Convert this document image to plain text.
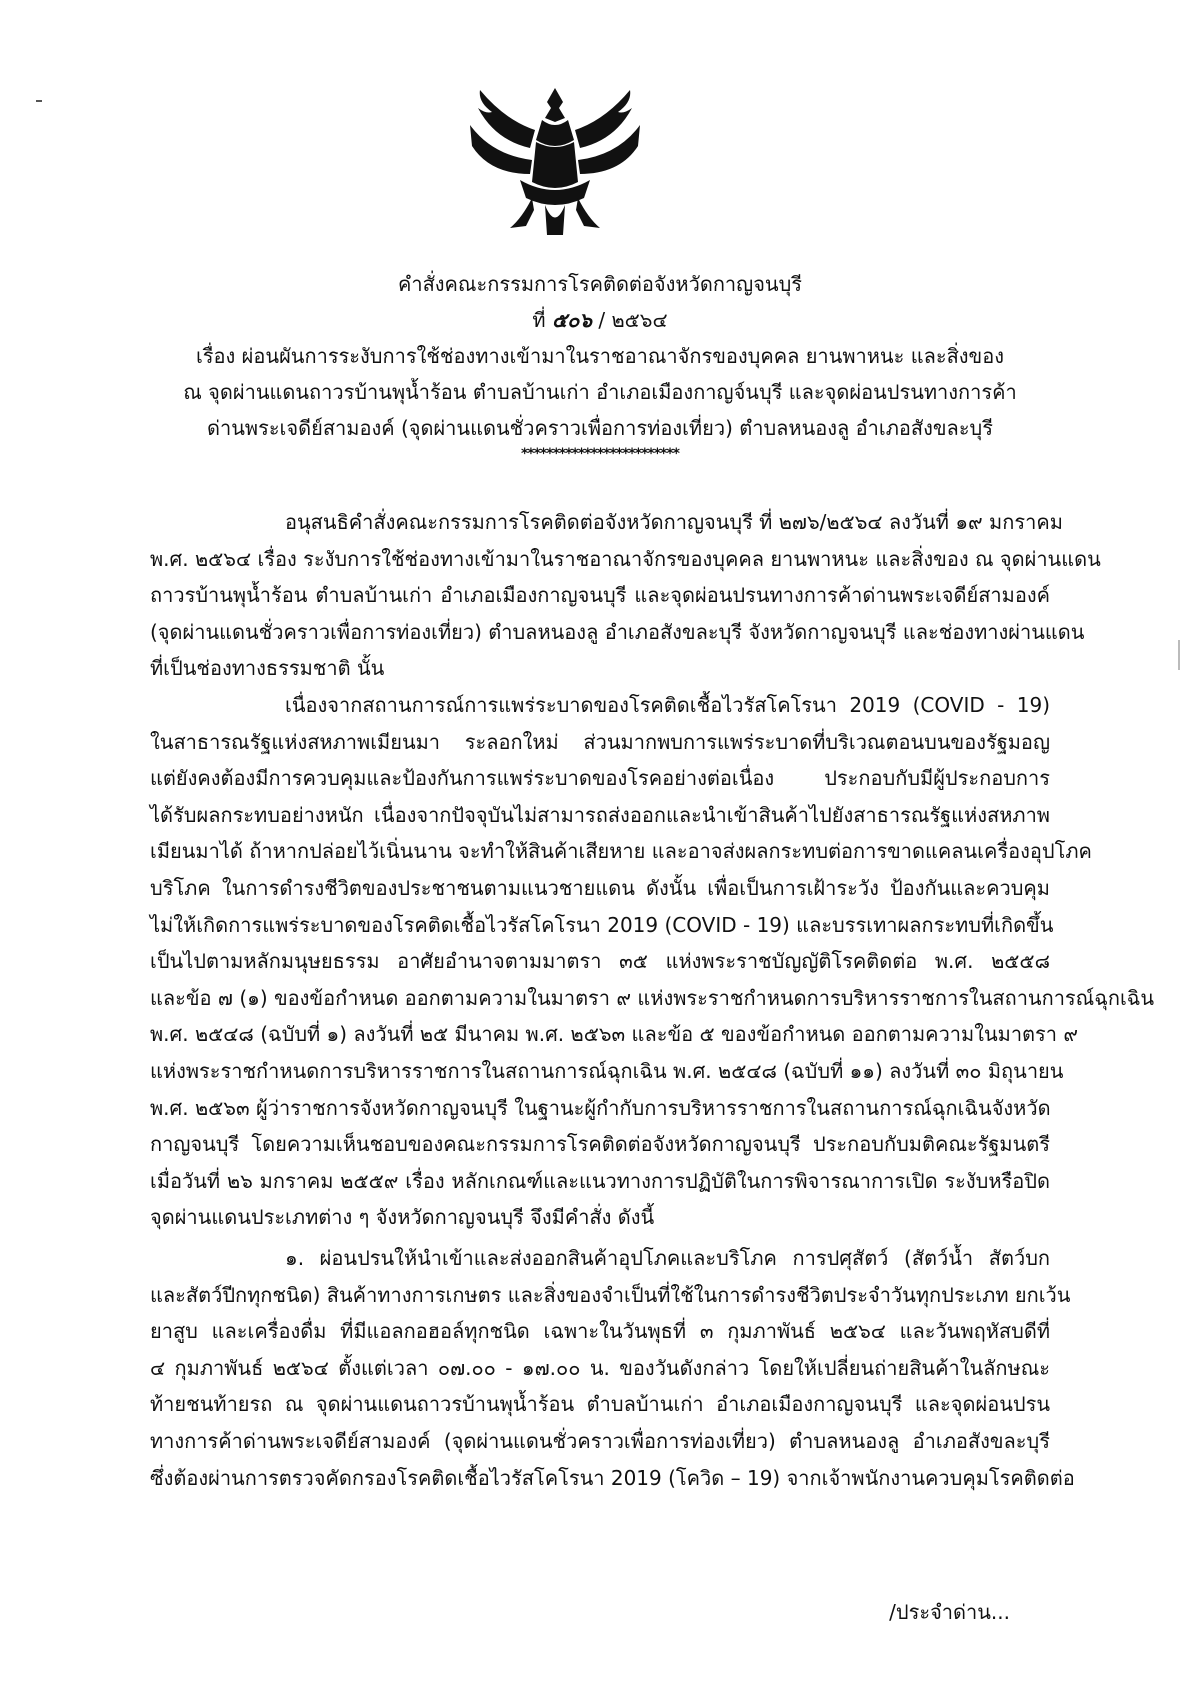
คำสั่งคณะกรรมการโรคติดต่อจังหวัดกาญจนบุรี
ที่ ๕๐๖ / ๒๕๖๔
เรื่อง ผ่อนผันการระงับการใช้ช่องทางเข้ามาในราชอาณาจักรของบุคคล ยานพาหนะ และสิ่งของ
ณ จุดผ่านแดนถาวรบ้านพุน้ำร้อน ตำบลบ้านเก่า อำเภอเมืองกาญจ์นบุรี และจุดผ่อนปรนทางการค้า
ด่านพระเจดีย์สามองค์ (จุดผ่านแดนชั่วคราวเพื่อการท่องเที่ยว) ตำบลหนองลู อำเภอสังขละบุรี
*************************
อนุสนธิคำสั่งคณะกรรมการโรคติดต่อจังหวัดกาญจนบุรี ที่ ๒๗๖/๒๕๖๔ ลงวันที่ ๑๙ มกราคม
พ.ศ. ๒๕๖๔ เรื่อง ระงับการใช้ช่องทางเข้ามาในราชอาณาจักรของบุคคล ยานพาหนะ และสิ่งของ ณ จุดผ่านแดน
ถาวรบ้านพุน้ำร้อน ตำบลบ้านเก่า อำเภอเมืองกาญจนบุรี และจุดผ่อนปรนทางการค้าด่านพระเจดีย์สามองค์
(จุดผ่านแดนชั่วคราวเพื่อการท่องเที่ยว) ตำบลหนองลู อำเภอสังขละบุรี จังหวัดกาญจนบุรี และช่องทางผ่านแดน
ที่เป็นช่องทางธรรมชาติ นั้น
เนื่องจากสถานการณ์การแพร่ระบาดของโรคติดเชื้อไวรัสโคโรนา 2019 (COVID - 19)
ในสาธารณรัฐแห่งสหภาพเมียนมา ระลอกใหม่ ส่วนมากพบการแพร่ระบาดที่บริเวณตอนบนของรัฐมอญ
แต่ยังคงต้องมีการควบคุมและป้องกันการแพร่ระบาดของโรคอย่างต่อเนื่อง ประกอบกับมีผู้ประกอบการ
ได้รับผลกระทบอย่างหนัก เนื่องจากปัจจุบันไม่สามารถส่งออกและนำเข้าสินค้าไปยังสาธารณรัฐแห่งสหภาพ
เมียนมาได้ ถ้าหากปล่อยไว้เนิ่นนาน จะทำให้สินค้าเสียหาย และอาจส่งผลกระทบต่อการขาดแคลนเครื่องอุปโภค
บริโภค ในการดำรงชีวิตของประชาชนตามแนวชายแดน ดังนั้น เพื่อเป็นการเฝ้าระวัง ป้องกันและควบคุม
ไม่ให้เกิดการแพร่ระบาดของโรคติดเชื้อไวรัสโคโรนา 2019 (COVID - 19) และบรรเทาผลกระทบที่เกิดขึ้น
เป็นไปตามหลักมนุษยธรรม อาศัยอำนาจตามมาตรา ๓๕ แห่งพระราชบัญญัติโรคติดต่อ พ.ศ. ๒๕๕๘
และข้อ ๗ (๑) ของข้อกำหนด ออกตามความในมาตรา ๙ แห่งพระราชกำหนดการบริหารราชการในสถานการณ์ฉุกเฉิน
พ.ศ. ๒๕๔๘ (ฉบับที่ ๑) ลงวันที่ ๒๕ มีนาคม พ.ศ. ๒๕๖๓ และข้อ ๕ ของข้อกำหนด ออกตามความในมาตรา ๙
แห่งพระราชกำหนดการบริหารราชการในสถานการณ์ฉุกเฉิน พ.ศ. ๒๕๔๘ (ฉบับที่ ๑๑) ลงวันที่ ๓๐ มิถุนายน
พ.ศ. ๒๕๖๓ ผู้ว่าราชการจังหวัดกาญจนบุรี ในฐานะผู้กำกับการบริหารราชการในสถานการณ์ฉุกเฉินจังหวัด
กาญจนบุรี โดยความเห็นชอบของคณะกรรมการโรคติดต่อจังหวัดกาญจนบุรี ประกอบกับมติคณะรัฐมนตรี
เมื่อวันที่ ๒๖ มกราคม ๒๕๕๙ เรื่อง หลักเกณฑ์และแนวทางการปฏิบัติในการพิจารณาการเปิด ระงับหรือปิด
จุดผ่านแดนประเภทต่าง ๆ จังหวัดกาญจนบุรี จึงมีคำสั่ง ดังนี้
๑. ผ่อนปรนให้นำเข้าและส่งออกสินค้าอุปโภคและบริโภค การปศุสัตว์ (สัตว์น้ำ สัตว์บก
และสัตว์ปีกทุกชนิด) สินค้าทางการเกษตร และสิ่งของจำเป็นที่ใช้ในการดำรงชีวิตประจำวันทุกประเภท ยกเว้น
ยาสูบ และเครื่องดื่ม ที่มีแอลกอฮอล์ทุกชนิด เฉพาะในวันพุธที่ ๓ กุมภาพันธ์ ๒๕๖๔ และวันพฤหัสบดีที่
๔ กุมภาพันธ์ ๒๕๖๔ ตั้งแต่เวลา ๐๗.๐๐ - ๑๗.๐๐ น. ของวันดังกล่าว โดยให้เปลี่ยนถ่ายสินค้าในลักษณะ
ท้ายชนท้ายรถ ณ จุดผ่านแดนถาวรบ้านพุน้ำร้อน ตำบลบ้านเก่า อำเภอเมืองกาญจนบุรี และจุดผ่อนปรน
ทางการค้าด่านพระเจดีย์สามองค์ (จุดผ่านแดนชั่วคราวเพื่อการท่องเที่ยว) ตำบลหนองลู อำเภอสังขละบุรี
ซึ่งต้องผ่านการตรวจคัดกรองโรคติดเชื้อไวรัสโคโรนา 2019 (โควิด – 19) จากเจ้าพนักงานควบคุมโรคติดต่อ
/ประจำด่าน...
